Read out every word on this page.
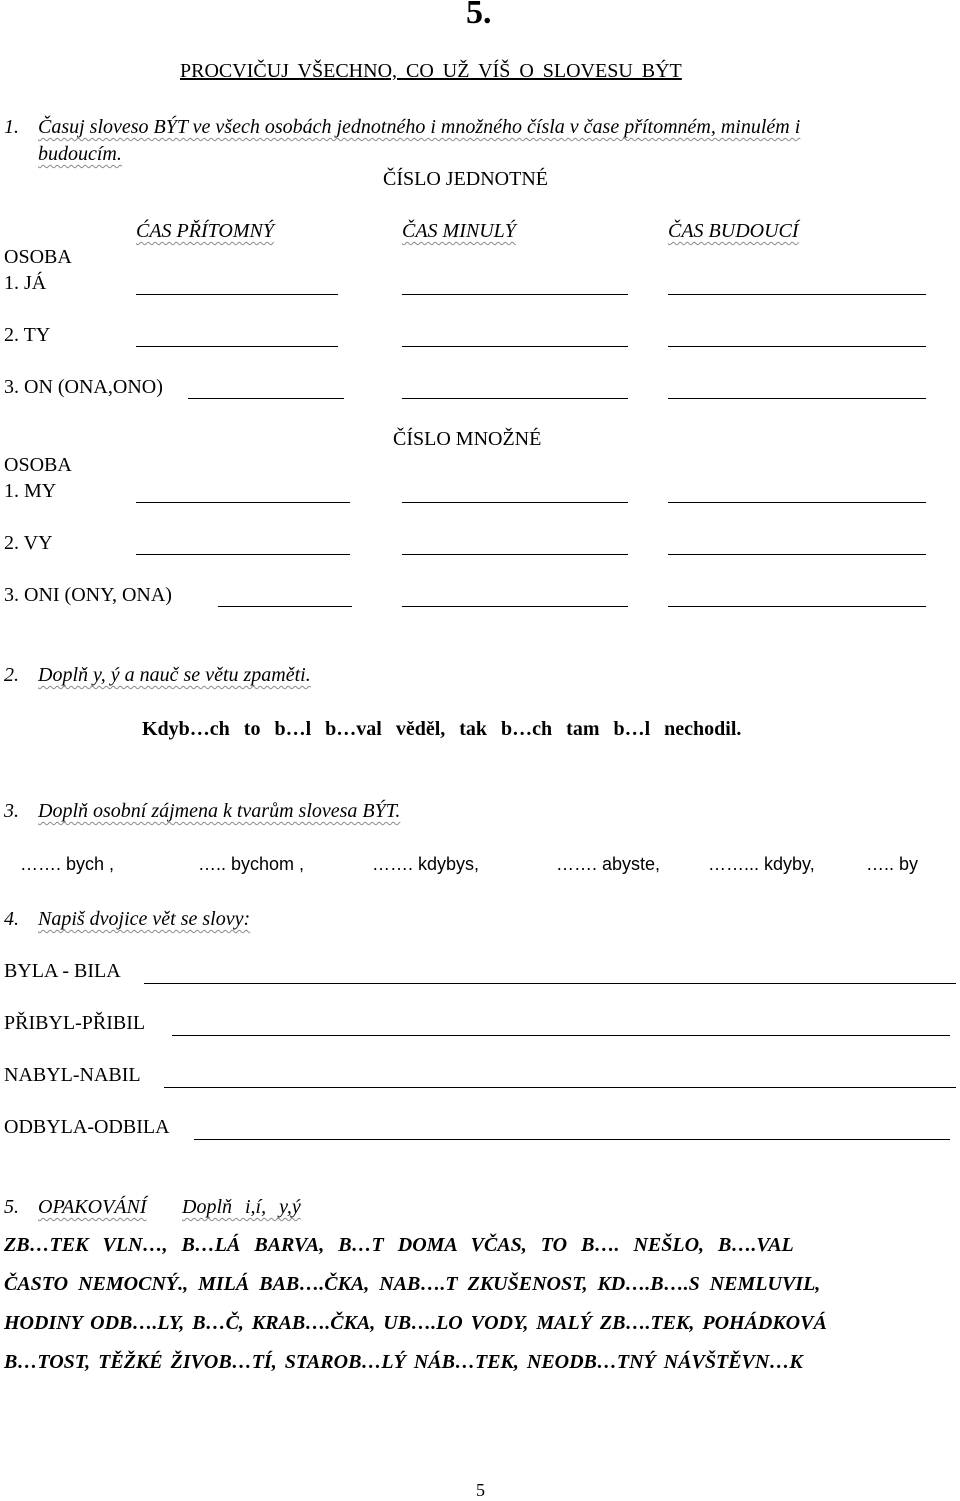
5.
PROCVIČUJ VŠECHNO, CO UŽ VÍŠ O SLOVESU BÝT
1. Časuj sloveso BÝT ve všech osobách jednotného i množného čísla v čase přítomném, minulém i
budoucím.
ČÍSLO JEDNOTNÉ
ĆAS PŘÍTOMNÝ	ČAS MINULÝ	ČAS BUDOUCÍ
OSOBA
1. JÁ
2. TY
3. ON (ONA,ONO)
ČÍSLO MNOŽNÉ
OSOBA
1. MY
2. VY
3. ONI (ONY, ONA)
2. Doplň y, ý a nauč se větu zpaměti.
Kdyb…ch to b…l b…val věděl, tak b…ch tam b…l nechodil.
3. Doplň osobní zájmena k tvarům slovesa BÝT.
……. bych ,	….. bychom ,	……. kdybys,	……. abyste,	……... kdyby,	….. by
4. Napiš dvojice vět se slovy:
BYLA - BILA
PŘIBYL-PŘIBIL
NABYL-NABIL
ODBYLA-ODBILA
5. OPAKOVÁNÍ Doplň i,í, y,ý
ZB…TEK VLN…, B…LÁ BARVA, B…T DOMA VČAS, TO B…. NEŠLO, B….VAL
ČASTO NEMOCNÝ., MILÁ BAB….ČKA, NAB….T ZKUŠENOST, KD….B….S NEMLUVIL,
HODINY ODB….LY, B…Č, KRAB….ČKA, UB….LO VODY, MALÝ ZB….TEK, POHÁDKOVÁ
B…TOST, TĚŽKÉ ŽIVOB…TÍ, STAROB…LÝ NÁB…TEK, NEODB…TNÝ NÁVŠTĚVN…K
5
